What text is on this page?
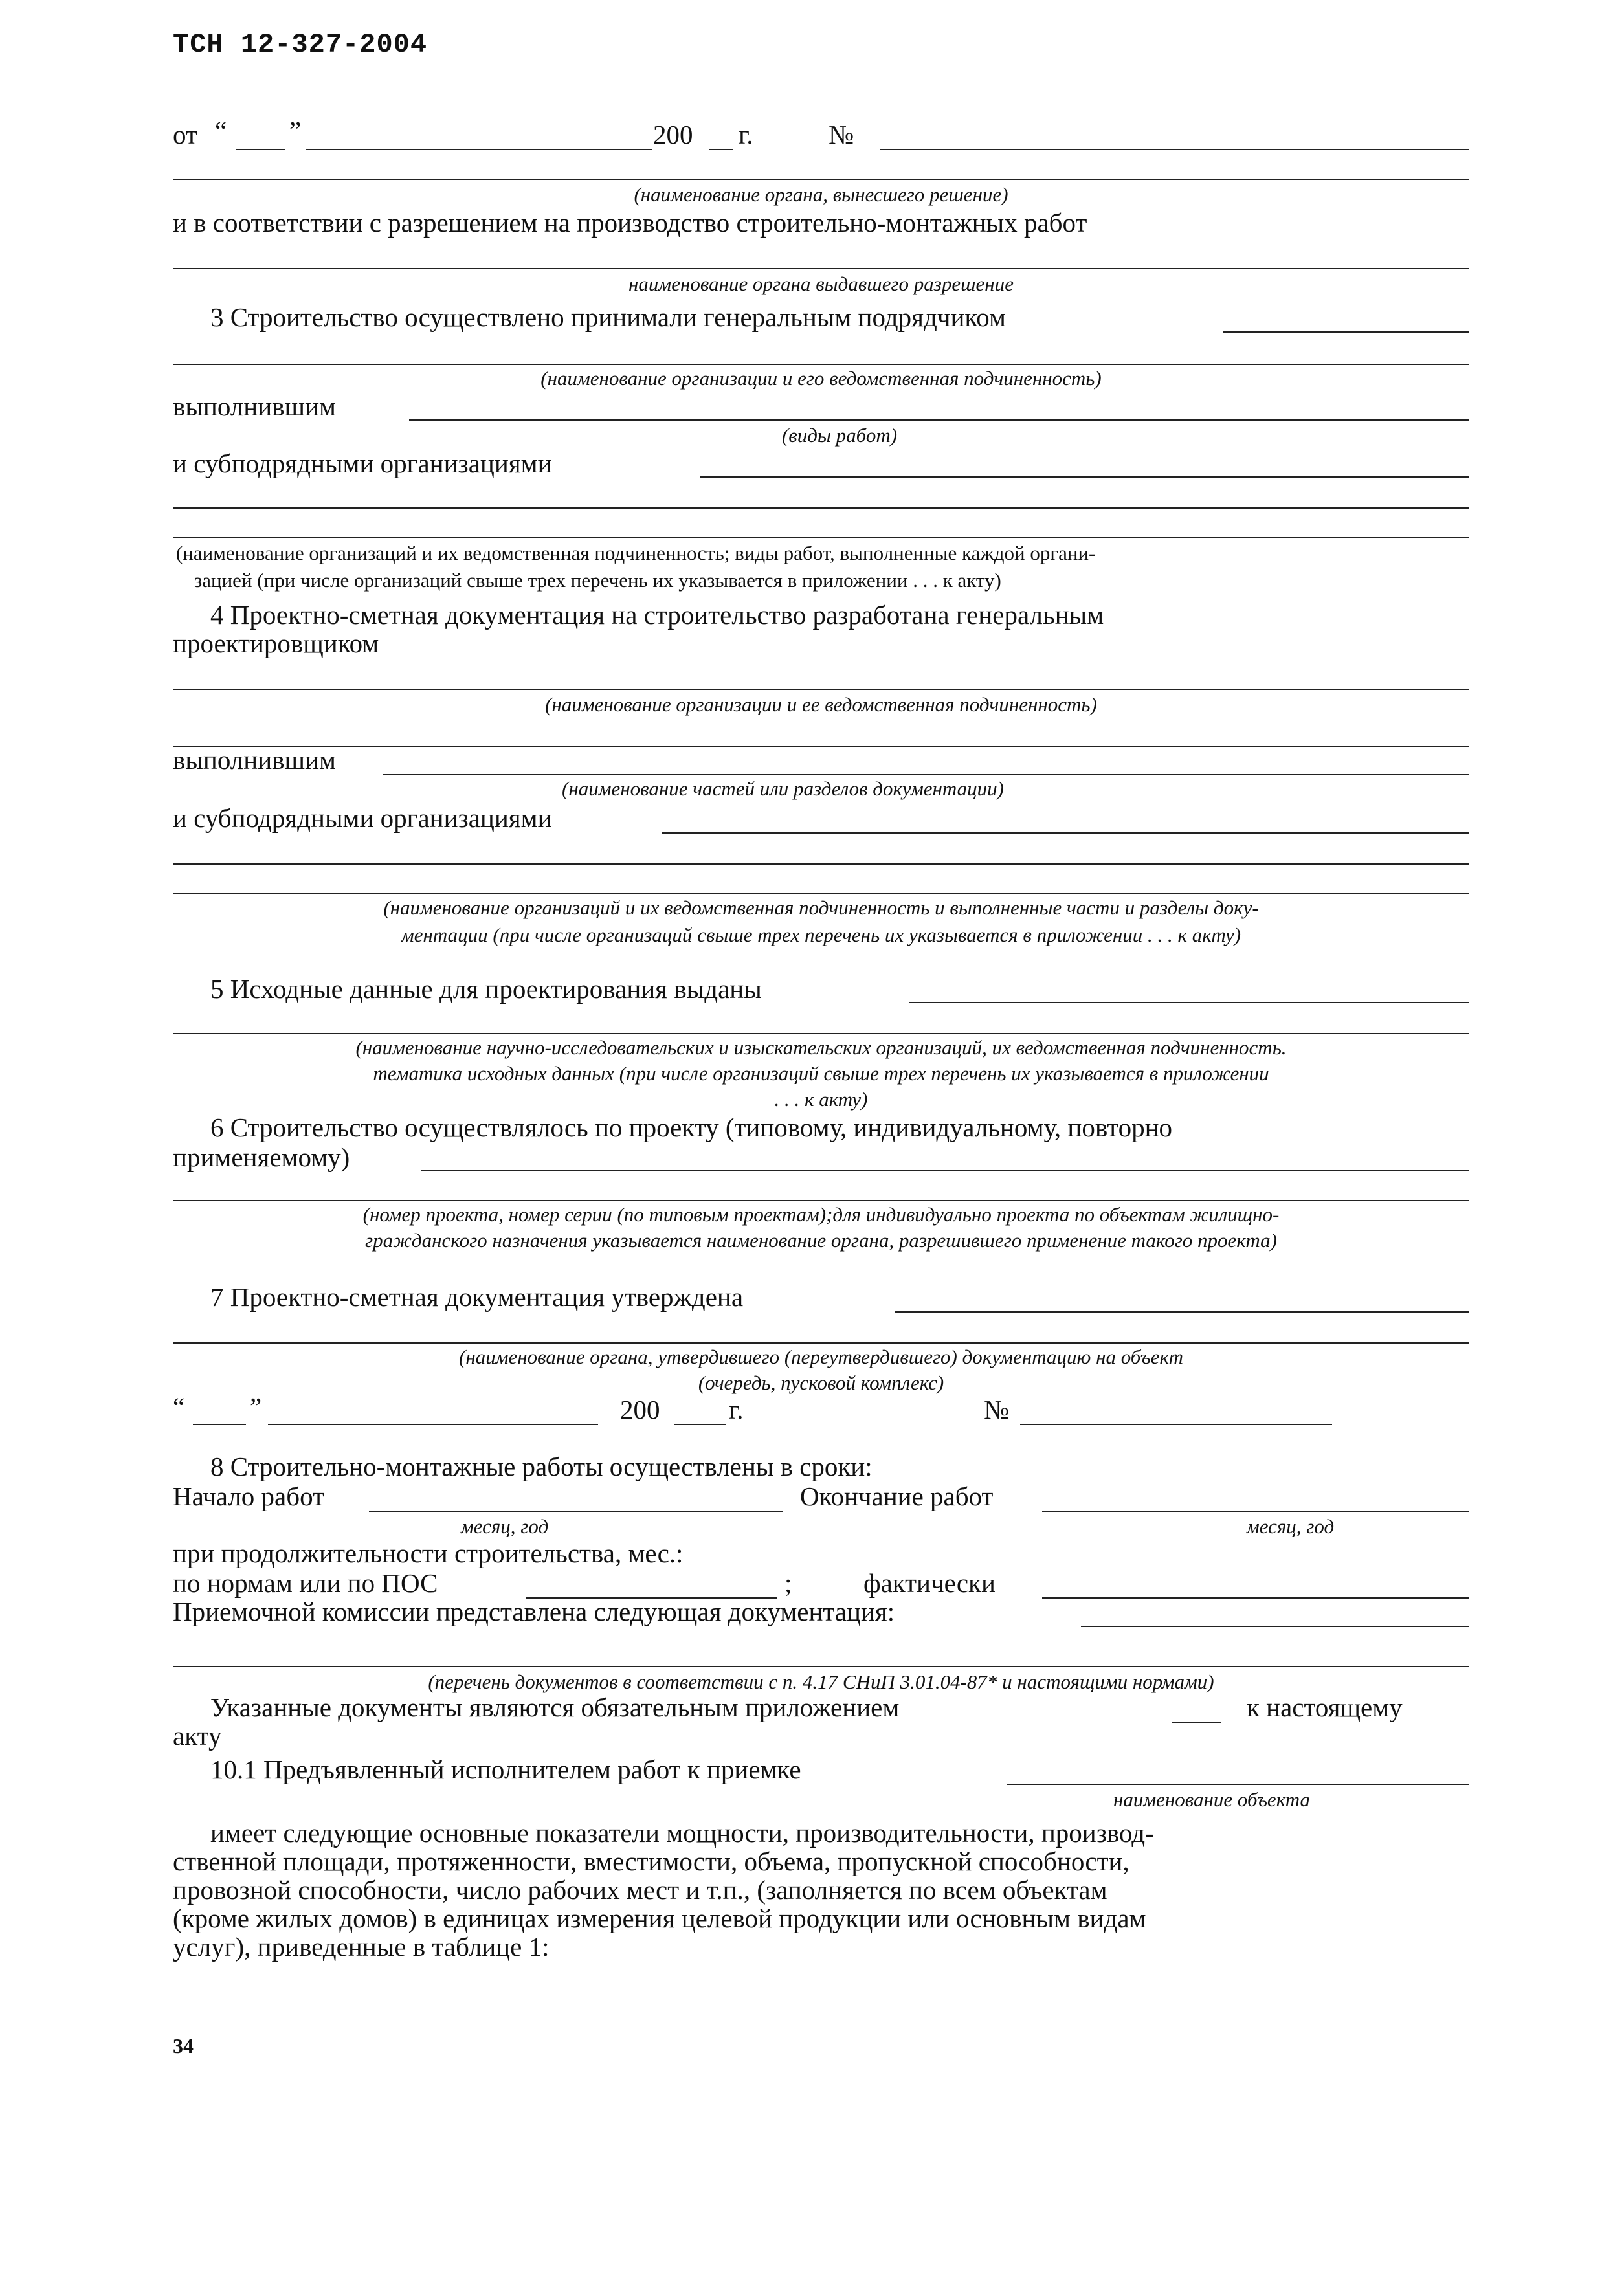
ТСН 12-327-2004
от “ ”	200 г.	№
(наименование органа, вынесшего решение)
и в соответствии с разрешением на производство строительно-монтажных работ
наименование органа выдавшего разрешение
3 Строительство осуществлено принимали генеральным подрядчиком
(наименование организации и его ведомственная подчиненность)
выполнившим
(виды работ)
и субподрядными организациями
(наименование организаций и их ведомственная подчиненность; виды работ, выполненные каждой органи-
зацией (при числе организаций свыше трех перечень их указывается в приложении . . . к акту)
4 Проектно-сметная документация на строительство разработана генеральным
проектировщиком
(наименование организации и ее ведомственная подчиненность)
выполнившим
(наименование частей или разделов документации)
и субподрядными организациями
(наименование организаций и их ведомственная подчиненность и выполненные части и разделы доку-
ментации (при числе организаций свыше трех перечень их указывается в приложении . . . к акту)
5 Исходные данные для проектирования выданы
(наименование научно-исследовательских и изыскательских организаций, их ведомственная подчиненность.
тематика исходных данных (при числе организаций свыше трех перечень их указывается в приложении
. . . к акту)
6 Строительство осуществлялось по проекту (типовому, индивидуальному, повторно
применяемому)
(номер проекта, номер серии (по типовым проектам);для индивидуально проекта по объектам жилищно-
гражданского назначения указывается наименование органа, разрешившего применение такого проекта)
7 Проектно-сметная документация утверждена
(наименование органа, утвердившего (переутвердившего) документацию на объект
(очередь, пусковой комплекс)
“ ”	200	г.	№
8 Строительно-монтажные работы осуществлены в сроки:
Начало работ	Окончание работ
месяц, год	месяц, год
при продолжительности строительства, мес.:
по нормам или по ПОС	;	фактически
Приемочной комиссии представлена следующая документация:
(перечень документов в соответствии с п. 4.17 СНиП 3.01.04-87* и настоящими нормами)
Указанные документы являются обязательным приложением	к настоящему
акту
10.1 Предъявленный исполнителем работ к приемке
наименование объекта
имеет следующие основные показатели мощности, производительности, производ-
ственной площади, протяженности, вместимости, объема, пропускной способности,
провозной способности, число рабочих мест и т.п., (заполняется по всем объектам
(кроме жилых домов) в единицах измерения целевой продукции или основным видам
услуг), приведенные в таблице 1:
34
